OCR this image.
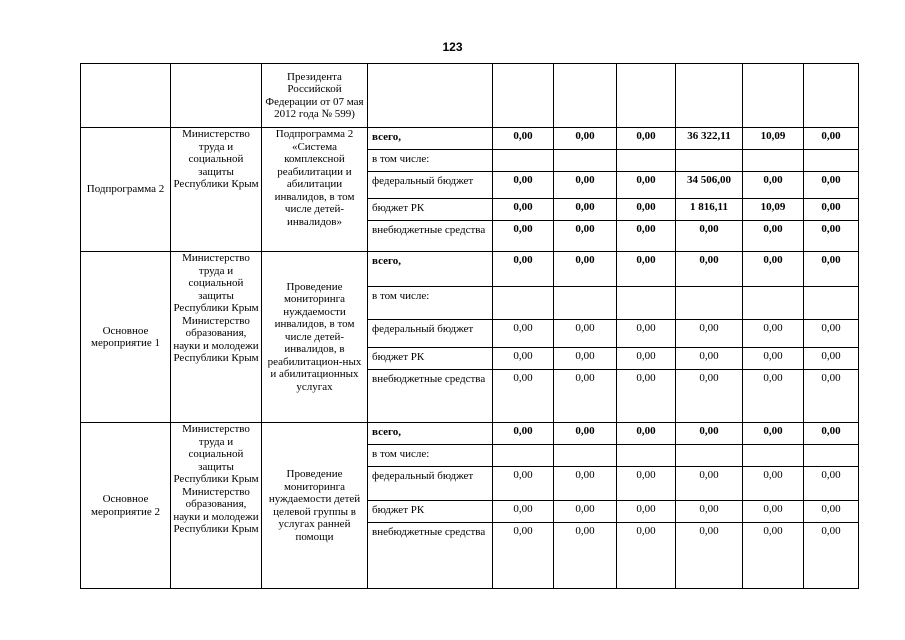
123
		Президента Российской Федерации от 07 мая 2012 года № 599)							
Подпрограмма 2	Министерство труда и социальной защиты Республики Крым	Подпрограмма 2 «Система комплексной реабилитации и абилитации инвалидов, в том числе детей-инвалидов»	всего,	0,00	0,00	0,00	36 322,11	10,09	0,00
			в том числе:						
			федеральный бюджет	0,00	0,00	0,00	34 506,00	0,00	0,00
			бюджет РК	0,00	0,00	0,00	1 816,11	10,09	0,00
			внебюджетные средства	0,00	0,00	0,00	0,00	0,00	0,00
Основное мероприятие 1	Министерство труда и социальной защиты Республики Крым Министерство образования, науки и молодежи Республики Крым	Проведение мониторинга нуждаемости инвалидов, в том числе детей-инвалидов, в реабилитацион-ных и абилитационных услугах	всего,	0,00	0,00	0,00	0,00	0,00	0,00
			в том числе:						
			федеральный бюджет	0,00	0,00	0,00	0,00	0,00	0,00
			бюджет РК	0,00	0,00	0,00	0,00	0,00	0,00
			внебюджетные средства	0,00	0,00	0,00	0,00	0,00	0,00
Основное мероприятие 2	Министерство труда и социальной защиты Республики Крым Министерство образования, науки и молодежи Республики Крым	Проведение мониторинга нуждаемости детей целевой группы в услугах ранней помощи	всего,	0,00	0,00	0,00	0,00	0,00	0,00
			в том числе:						
			федеральный бюджет	0,00	0,00	0,00	0,00	0,00	0,00
			бюджет РК	0,00	0,00	0,00	0,00	0,00	0,00
			внебюджетные средства	0,00	0,00	0,00	0,00	0,00	0,00
